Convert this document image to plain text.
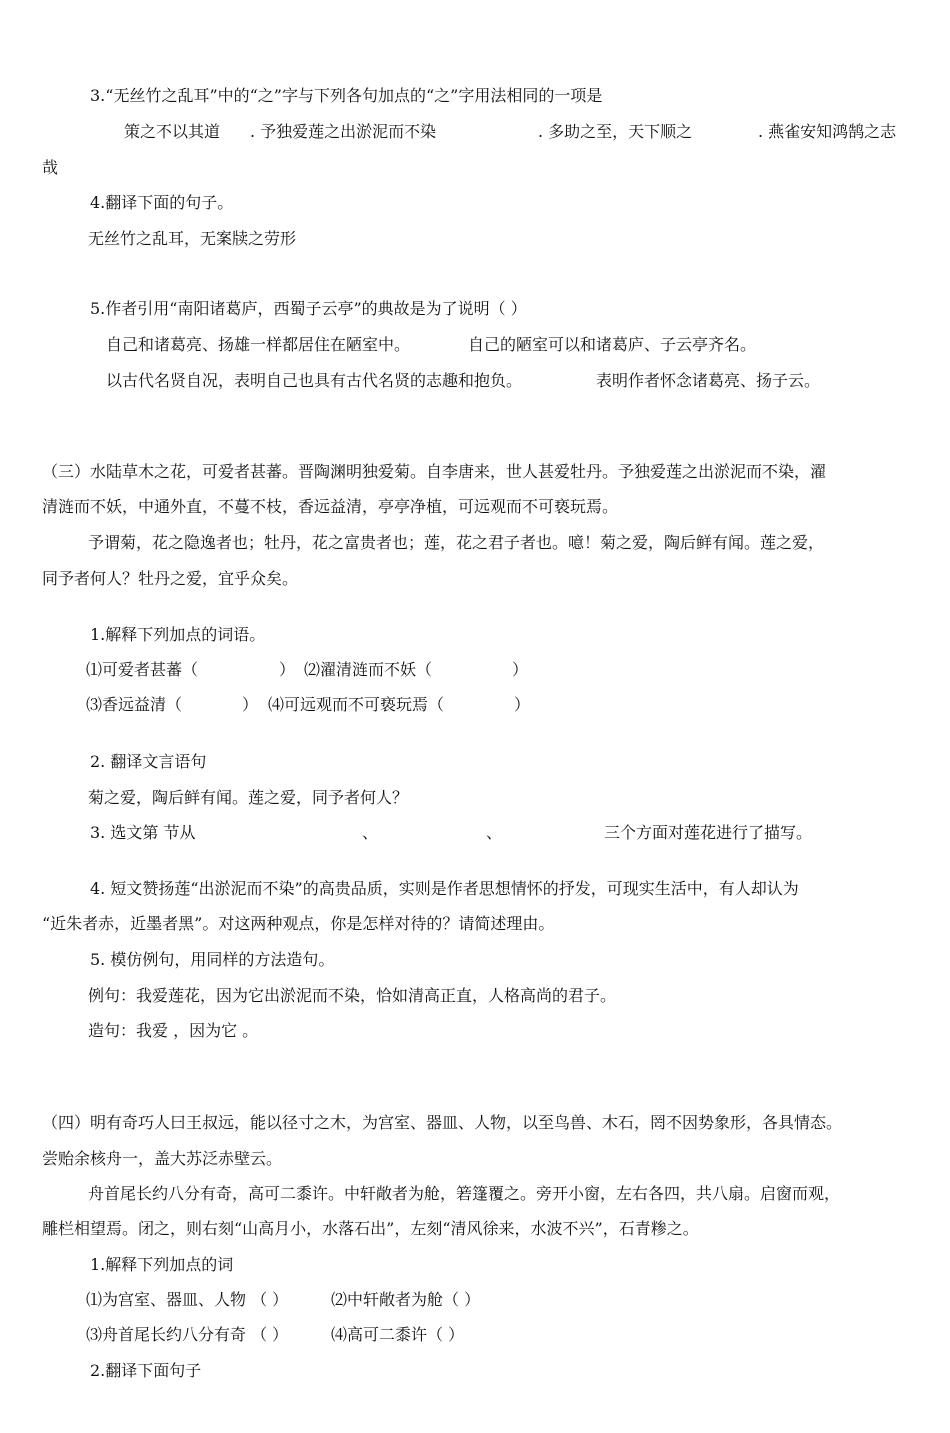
3.“无丝竹之乱耳”中的“之”字与下列各句加点的“之”字用法相同的一项是
策之不以其道 . 予独爱莲之出淤泥而不染	. 多助之至，天下顺之	. 燕雀安知鸿鹄之志
哉
4.翻译下面的句子。
无丝竹之乱耳，无案牍之劳形
5.作者引用“南阳诸葛庐，西蜀子云亭”的典故是为了说明（ ）
自己和诸葛亮、扬雄一样都居住在陋室中。	自己的陋室可以和诸葛庐、子云亭齐名。
以古代名贤自况，表明自己也具有古代名贤的志趣和抱负。	表明作者怀念诸葛亮、扬子云。
（三）水陆草木之花，可爱者甚蕃。晋陶渊明独爱菊。自李唐来，世人甚爱牡丹。予独爱莲之出淤泥而不染，濯
清涟而不妖，中通外直，不蔓不枝，香远益清，亭亭净植，可远观而不可亵玩焉。
予谓菊，花之隐逸者也；牡丹，花之富贵者也；莲，花之君子者也。噫！菊之爱，陶后鲜有闻。莲之爱，
同予者何人？牡丹之爱，宜乎众矣。
1.解释下列加点的词语。
⑴可爱者甚蕃（	） ⑵濯清涟而不妖（	）
⑶香远益清（	） ⑷可远观而不可亵玩焉（	）
2. 翻译文言语句
菊之爱，陶后鲜有闻。莲之爱，同予者何人？
3. 选文第 节从	、	、	三个方面对莲花进行了描写。
4. 短文赞扬莲“出淤泥而不染”的高贵品质，实则是作者思想情怀的抒发，可现实生活中，有人却认为
“近朱者赤，近墨者黑”。对这两种观点，你是怎样对待的？请简述理由。
5. 模仿例句，用同样的方法造句。
例句：我爱莲花，因为它出淤泥而不染，恰如清高正直，人格高尚的君子。
造句：我爱 ，因为它 。
（四）明有奇巧人曰王叔远，能以径寸之木，为宫室、器皿、人物，以至鸟兽、木石，罔不因势象形，各具情态。
尝贻余核舟一，盖大苏泛赤壁云。
舟首尾长约八分有奇，高可二黍许。中轩敞者为舱，箬篷覆之。旁开小窗，左右各四，共八扇。启窗而观，
雕栏相望焉。闭之，则右刻“山高月小，水落石出”，左刻“清风徐来，水波不兴”，石青糁之。
1.解释下列加点的词
⑴为宫室、器皿、人物 （ ）	⑵中轩敞者为舱（ ）
⑶舟首尾长约八分有奇 （ ）	⑷高可二黍许（ ）
2.翻译下面句子
